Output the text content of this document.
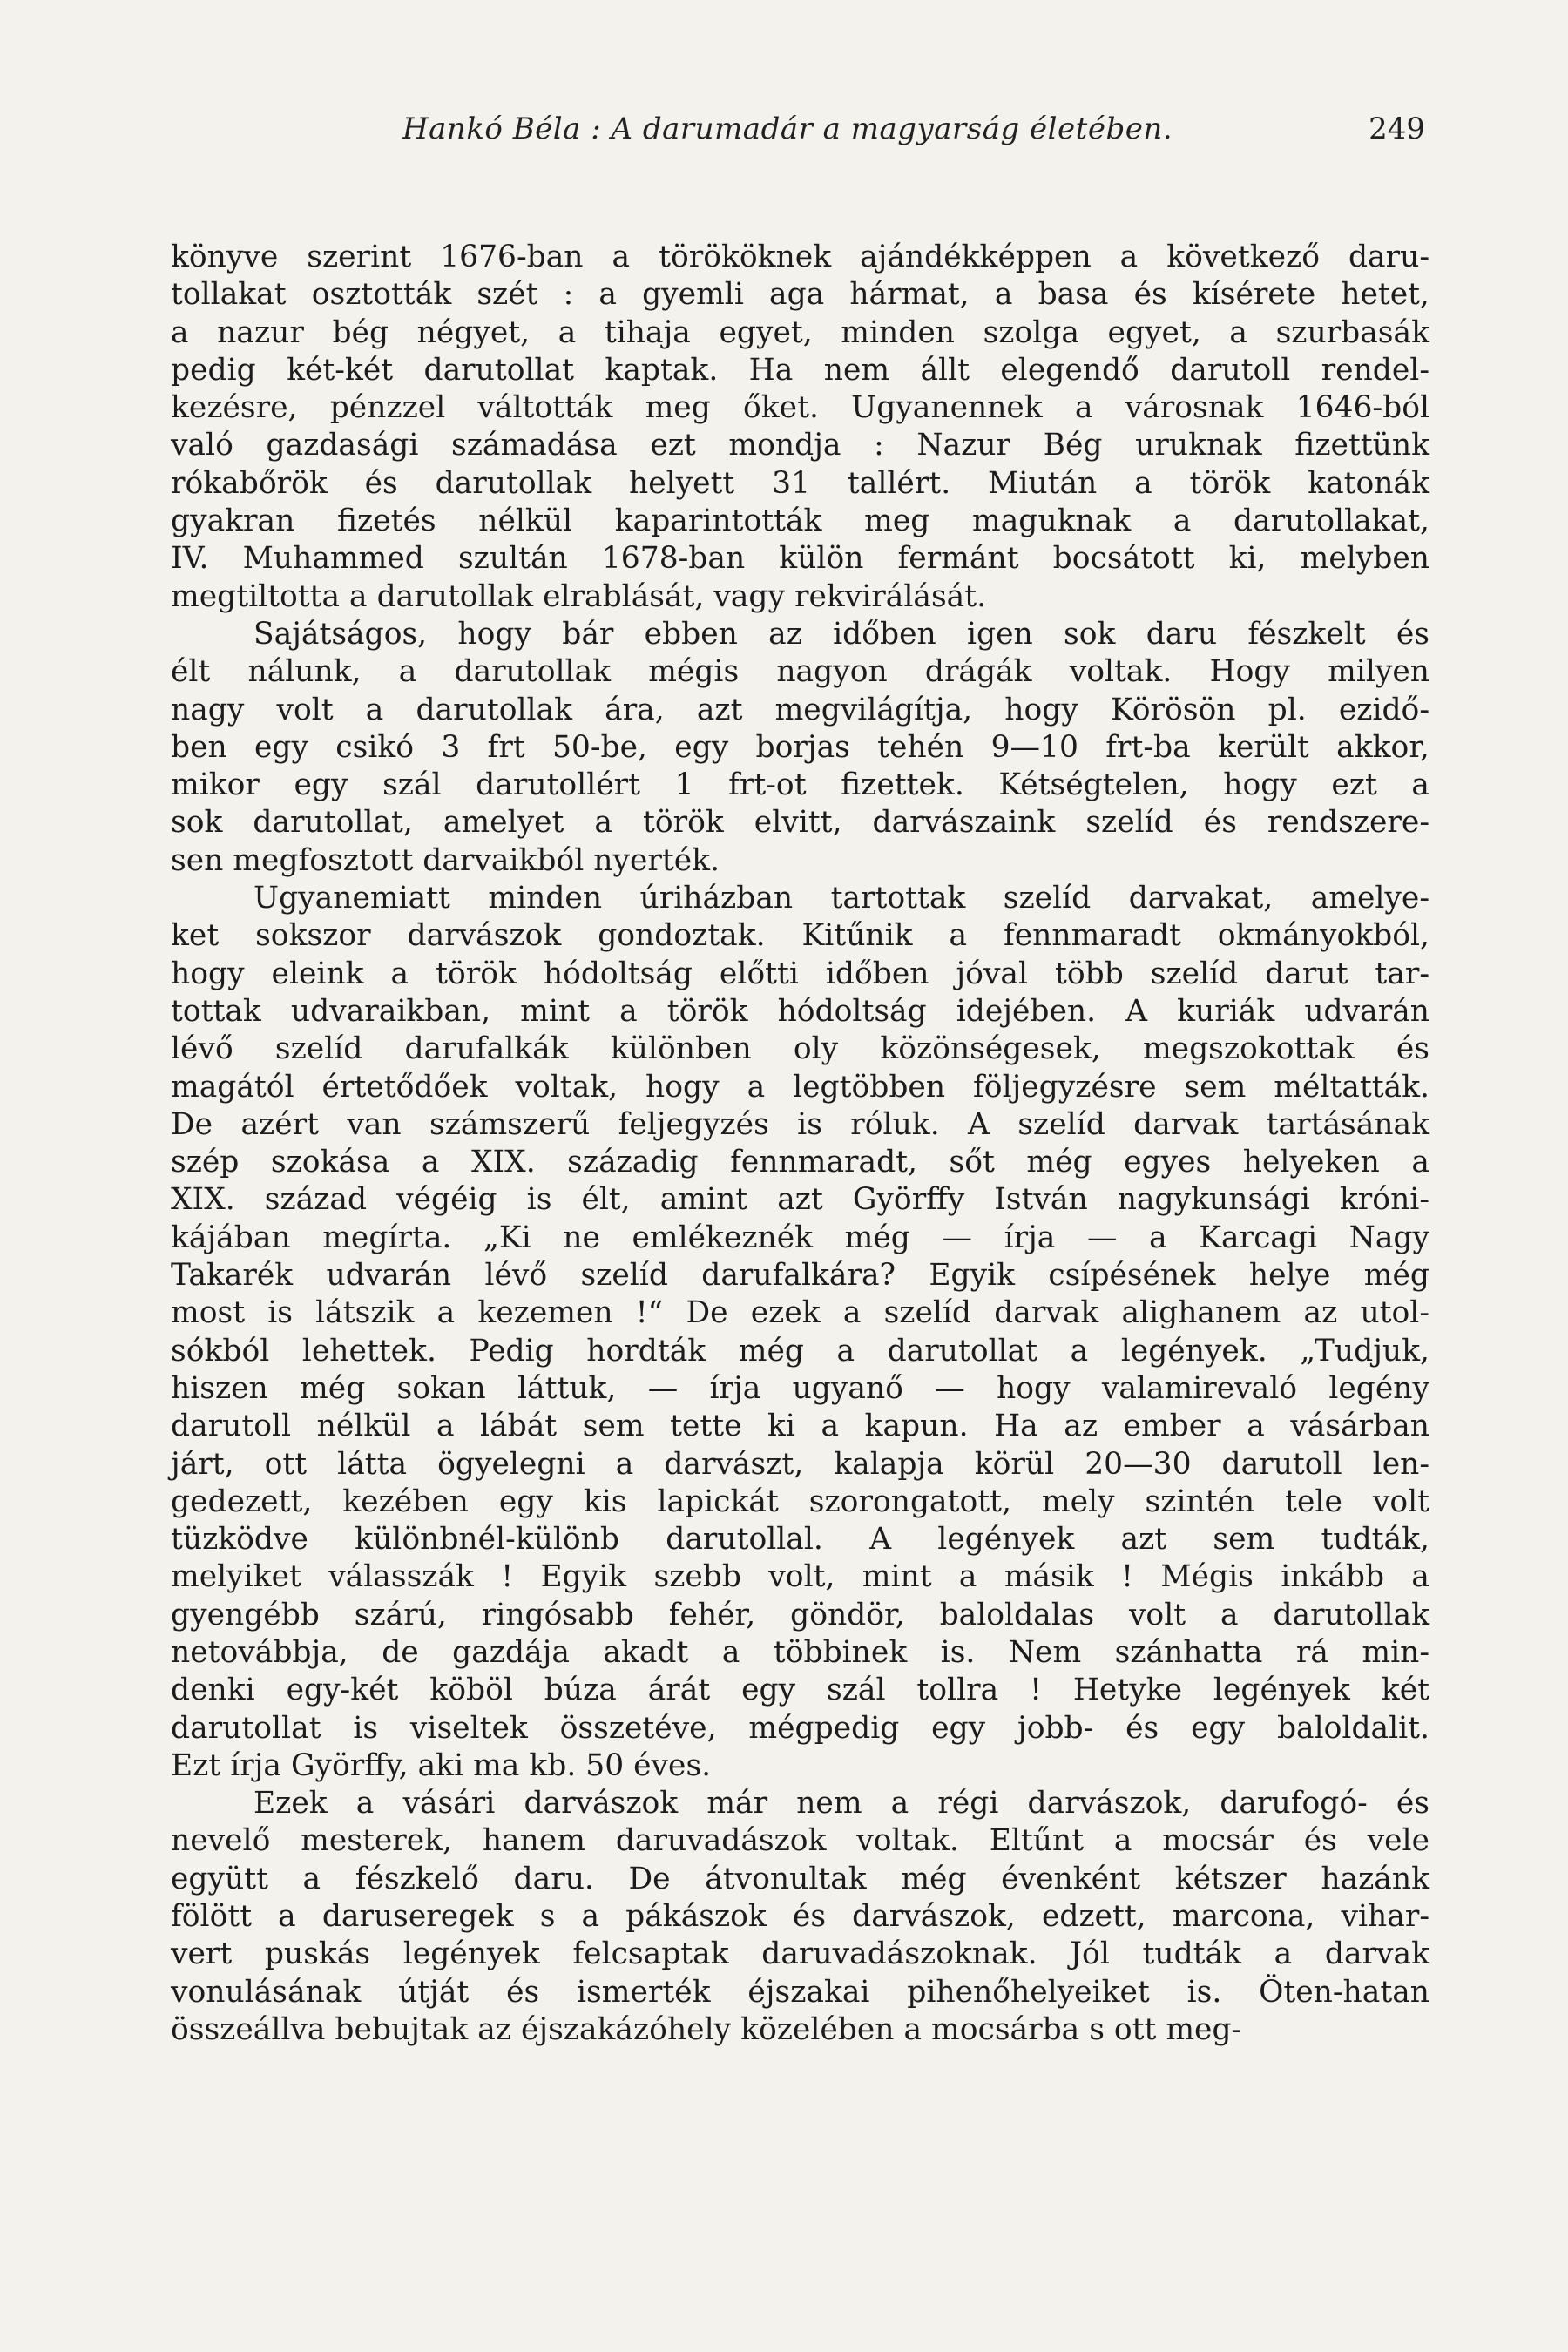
Hankó Béla : A darumadár a magyarság életében.	249
könyve szerint 1676-ban a törököknek ajándékképpen a következő daru-
tollakat osztották szét : a gyemli aga hármat, a basa és kísérete hetet,
a nazur bég négyet, a tihaja egyet, minden szolga egyet, a szurbasák
pedig két-két darutollat kaptak. Ha nem állt elegendő darutoll rendel-
kezésre, pénzzel váltották meg őket. Ugyanennek a városnak 1646-ból
való gazdasági számadása ezt mondja : Nazur Bég uruknak fizettünk
rókabőrök és darutollak helyett 31 tallért. Miután a török katonák
gyakran fizetés nélkül kaparintották meg maguknak a darutollakat,
IV. Muhammed szultán 1678-ban külön fermánt bocsátott ki, melyben
megtiltotta a darutollak elrablását, vagy rekvirálását.
Sajátságos, hogy bár ebben az időben igen sok daru fészkelt és
élt nálunk, a darutollak mégis nagyon drágák voltak. Hogy milyen
nagy volt a darutollak ára, azt megvilágítja, hogy Körösön pl. ezidő-
ben egy csikó 3 frt 50-be, egy borjas tehén 9—10 frt-ba került akkor,
mikor egy szál darutollért 1 frt-ot fizettek. Kétségtelen, hogy ezt a
sok darutollat, amelyet a török elvitt, darvászaink szelíd és rendszere-
sen megfosztott darvaikból nyerték.
Ugyanemiatt minden úriházban tartottak szelíd darvakat, amelye-
ket sokszor darvászok gondoztak. Kitűnik a fennmaradt okmányokból,
hogy eleink a török hódoltság előtti időben jóval több szelíd darut tar-
tottak udvaraikban, mint a török hódoltság idejében. A kuriák udvarán
lévő szelíd darufalkák különben oly közönségesek, megszokottak és
magától értetődőek voltak, hogy a legtöbben följegyzésre sem méltatták.
De azért van számszerű feljegyzés is róluk. A szelíd darvak tartásának
szép szokása a XIX. századig fennmaradt, sőt még egyes helyeken a
XIX. század végéig is élt, amint azt Györffy István nagykunsági króni-
kájában megírta. „Ki ne emlékeznék még — írja — a Karcagi Nagy
Takarék udvarán lévő szelíd darufalkára? Egyik csípésének helye még
most is látszik a kezemen !“ De ezek a szelíd darvak alighanem az utol-
sókból lehettek. Pedig hordták még a darutollat a legények. „Tudjuk,
hiszen még sokan láttuk, — írja ugyanő — hogy valamirevaló legény
darutoll nélkül a lábát sem tette ki a kapun. Ha az ember a vásárban
járt, ott látta ögyelegni a darvászt, kalapja körül 20—30 darutoll len-
gedezett, kezében egy kis lapickát szorongatott, mely szintén tele volt
tüzködve különbnél-különb darutollal. A legények azt sem tudták,
melyiket válasszák ! Egyik szebb volt, mint a másik ! Mégis inkább a
gyengébb szárú, ringósabb fehér, göndör, baloldalas volt a darutollak
netovábbja, de gazdája akadt a többinek is. Nem szánhatta rá min-
denki egy-két köböl búza árát egy szál tollra ! Hetyke legények két
darutollat is viseltek összetéve, mégpedig egy jobb- és egy baloldalit.
Ezt írja Györffy, aki ma kb. 50 éves.
Ezek a vásári darvászok már nem a régi darvászok, darufogó- és
nevelő mesterek, hanem daruvadászok voltak. Eltűnt a mocsár és vele
együtt a fészkelő daru. De átvonultak még évenként kétszer hazánk
fölött a daruseregek s a pákászok és darvászok, edzett, marcona, vihar-
vert puskás legények felcsaptak daruvadászoknak. Jól tudták a darvak
vonulásának útját és ismerték éjszakai pihenőhelyeiket is. Öten-hatan
összeállva bebujtak az éjszakázóhely közelében a mocsárba s ott meg-
